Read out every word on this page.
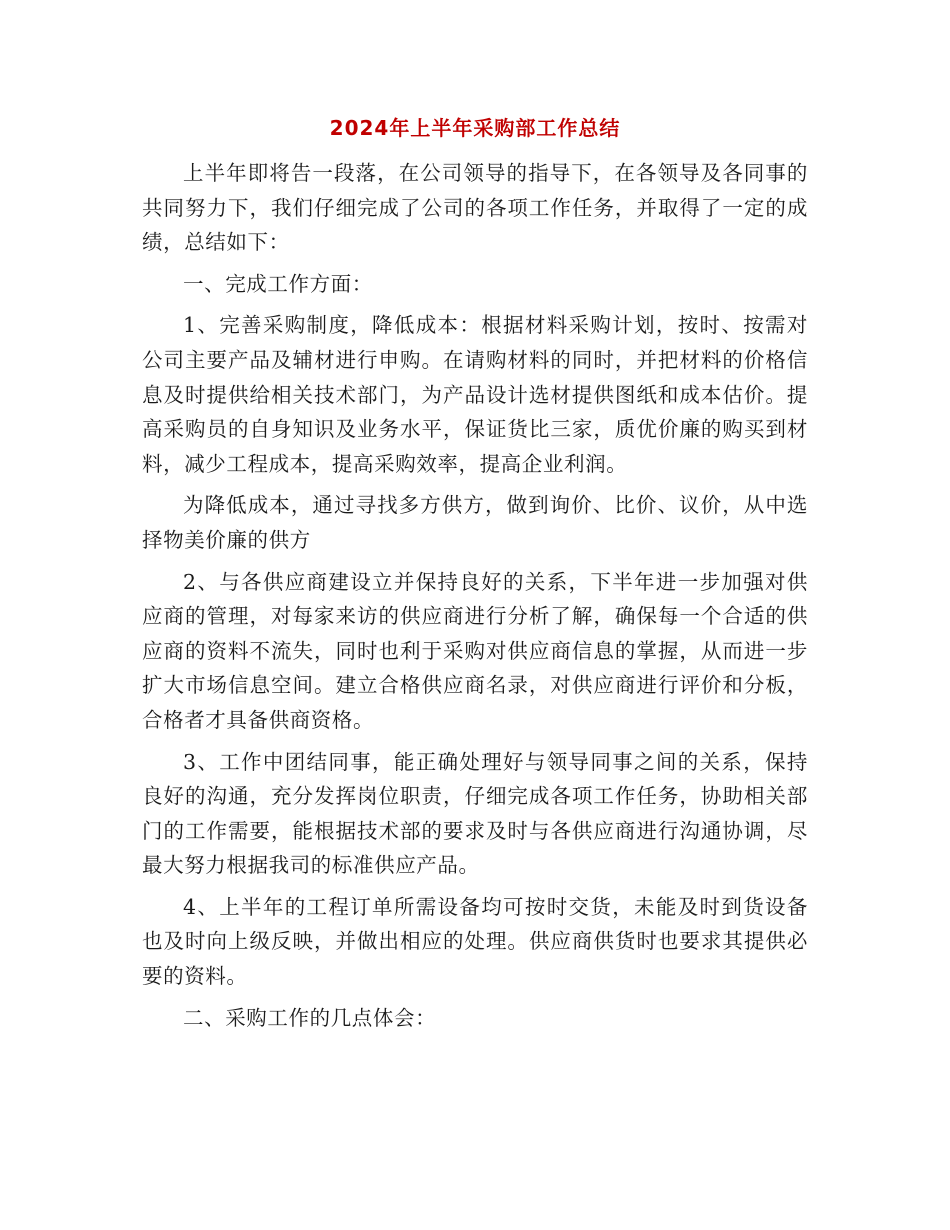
2024年上半年采购部工作总结

上半年即将告一段落，在公司领导的指导下，在各领导及各同事的共同努力下，我们仔细完成了公司的各项工作任务，并取得了一定的成绩，总结如下：

一、完成工作方面：

1、完善采购制度，降低成本：根据材料采购计划，按时、按需对公司主要产品及辅材进行申购。在请购材料的同时，并把材料的价格信息及时提供给相关技术部门，为产品设计选材提供图纸和成本估价。提高采购员的自身知识及业务水平，保证货比三家，质优价廉的购买到材料，减少工程成本，提高采购效率，提高企业利润。

为降低成本，通过寻找多方供方，做到询价、比价、议价，从中选择物美价廉的供方

2、与各供应商建设立并保持良好的关系，下半年进一步加强对供应商的管理，对每家来访的供应商进行分析了解，确保每一个合适的供应商的资料不流失，同时也利于采购对供应商信息的掌握，从而进一步扩大市场信息空间。建立合格供应商名录，对供应商进行评价和分板，合格者才具备供商资格。

3、工作中团结同事，能正确处理好与领导同事之间的关系，保持良好的沟通，充分发挥岗位职责，仔细完成各项工作任务，协助相关部门的工作需要，能根据技术部的要求及时与各供应商进行沟通协调，尽最大努力根据我司的标准供应产品。

4、上半年的工程订单所需设备均可按时交货，未能及时到货设备也及时向上级反映，并做出相应的处理。供应商供货时也要求其提供必要的资料。

二、采购工作的几点体会：
